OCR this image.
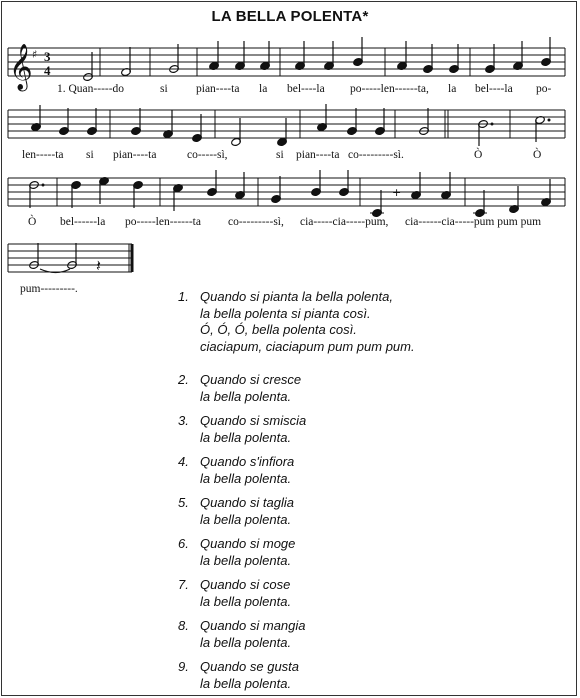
LA BELLA POLENTA*
𝄞 ♯ 3
4
1. Quan-----do	si pian----ta la bel----la po-----len------ta, la bel----la po-
len-----ta si pian----ta	co-----sì,	si pian----ta co---------sì.	Ò	Ò
+
Ò bel------la po-----len------ta co---------sì, cia-----cia-----pum, cia------cia-----pum pum pum
𝄽
pum---------.	1. Quando si pianta la bella polenta,
la bella polenta si pianta così.
Ó, Ó, Ó, bella polenta così.
ciaciapum, ciaciapum pum pum pum.
2. Quando si cresce
la bella polenta.
3. Quando si smiscia
la bella polenta.
4. Quando s'infiora
la bella polenta.
5. Quando si taglia
la bella polenta.
6. Quando si moge
la bella polenta.
7. Quando si cose
la bella polenta.
8. Quando si mangia
la bella polenta.
9. Quando se gusta
la bella polenta.
